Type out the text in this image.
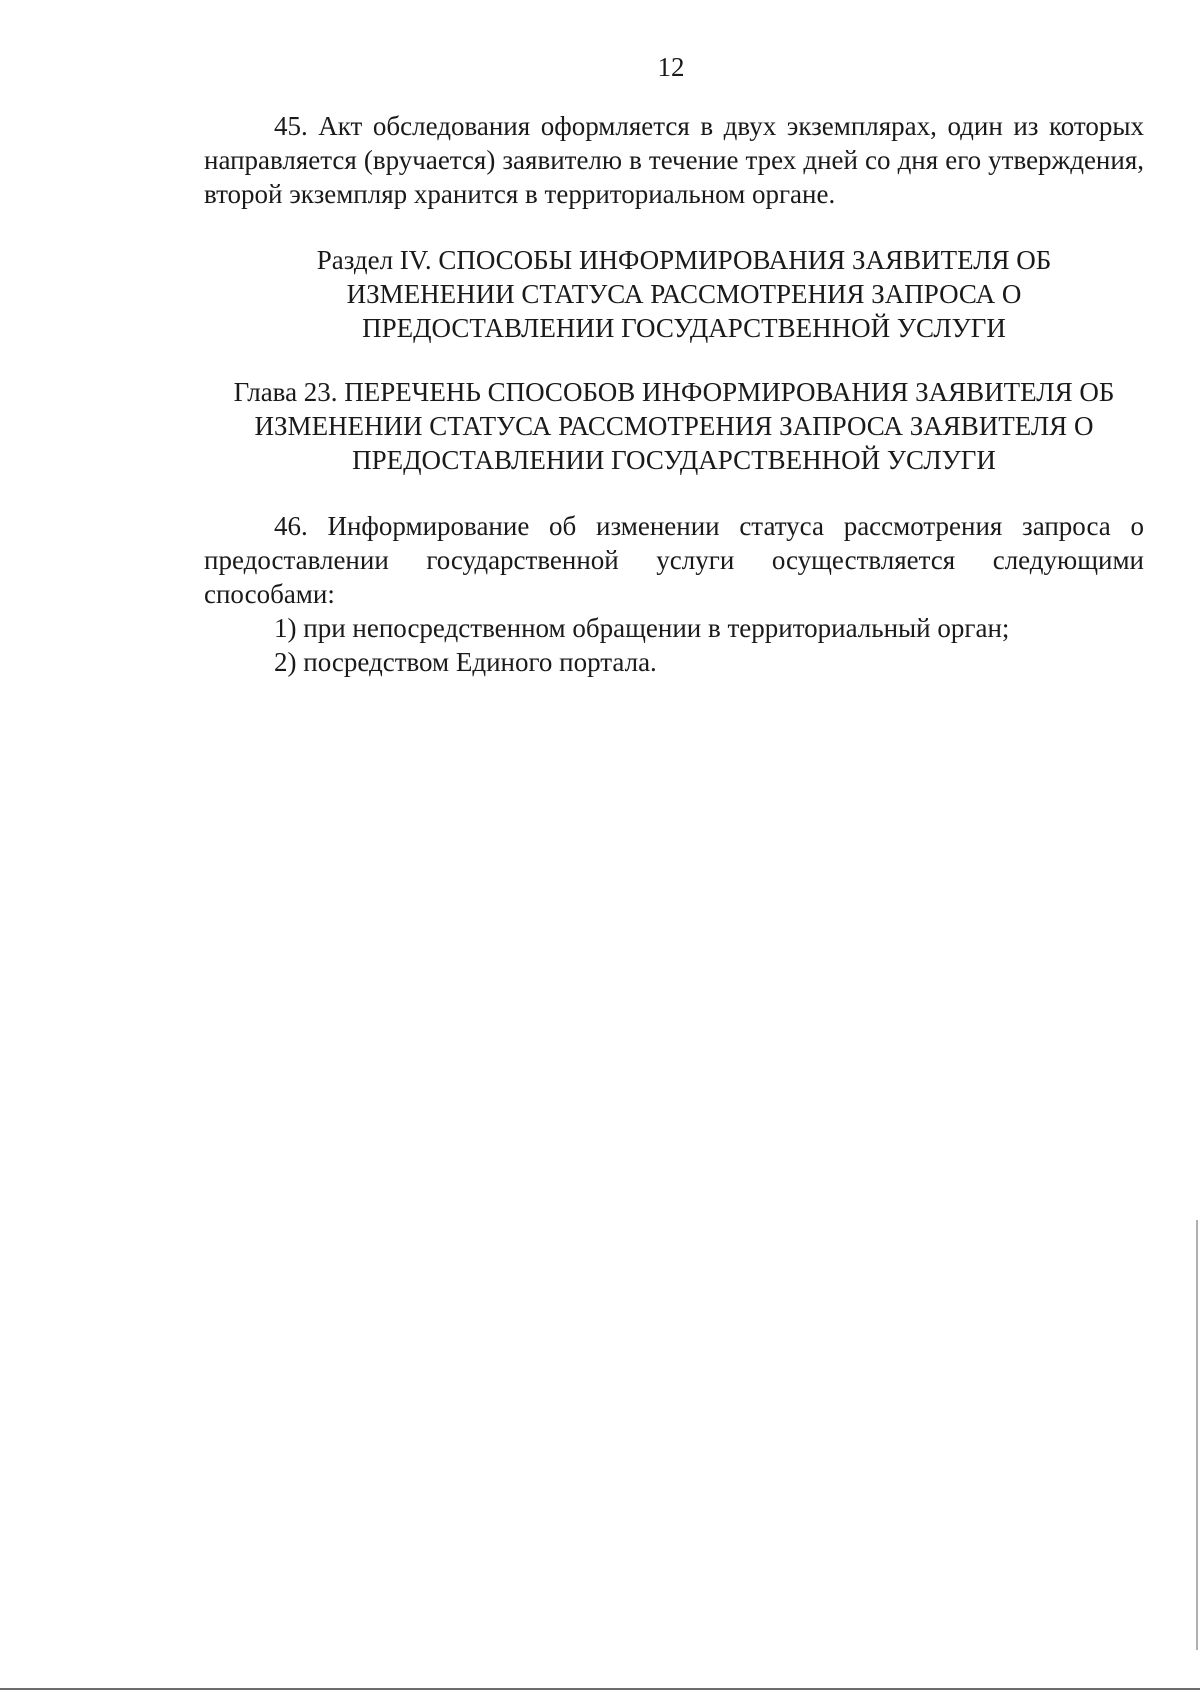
12

45. Акт обследования оформляется в двух экземплярах, один из которых направляется (вручается) заявителю в течение трех дней со дня его утверждения, второй экземпляр хранится в территориальном органе.

Раздел IV. СПОСОБЫ ИНФОРМИРОВАНИЯ ЗАЯВИТЕЛЯ ОБ

ИЗМЕНЕНИИ СТАТУСА РАССМОТРЕНИЯ ЗАПРОСА О

ПРЕДОСТАВЛЕНИИ ГОСУДАРСТВЕННОЙ УСЛУГИ

Глава 23. ПЕРЕЧЕНЬ СПОСОБОВ ИНФОРМИРОВАНИЯ ЗАЯВИТЕЛЯ ОБ

ИЗМЕНЕНИИ СТАТУСА РАССМОТРЕНИЯ ЗАПРОСА ЗАЯВИТЕЛЯ О

ПРЕДОСТАВЛЕНИИ ГОСУДАРСТВЕННОЙ УСЛУГИ

46. Информирование об изменении статуса рассмотрения запроса о предоставлении государственной услуги осуществляется следующими способами:

1) при непосредственном обращении в территориальный орган;

2) посредством Единого портала.
